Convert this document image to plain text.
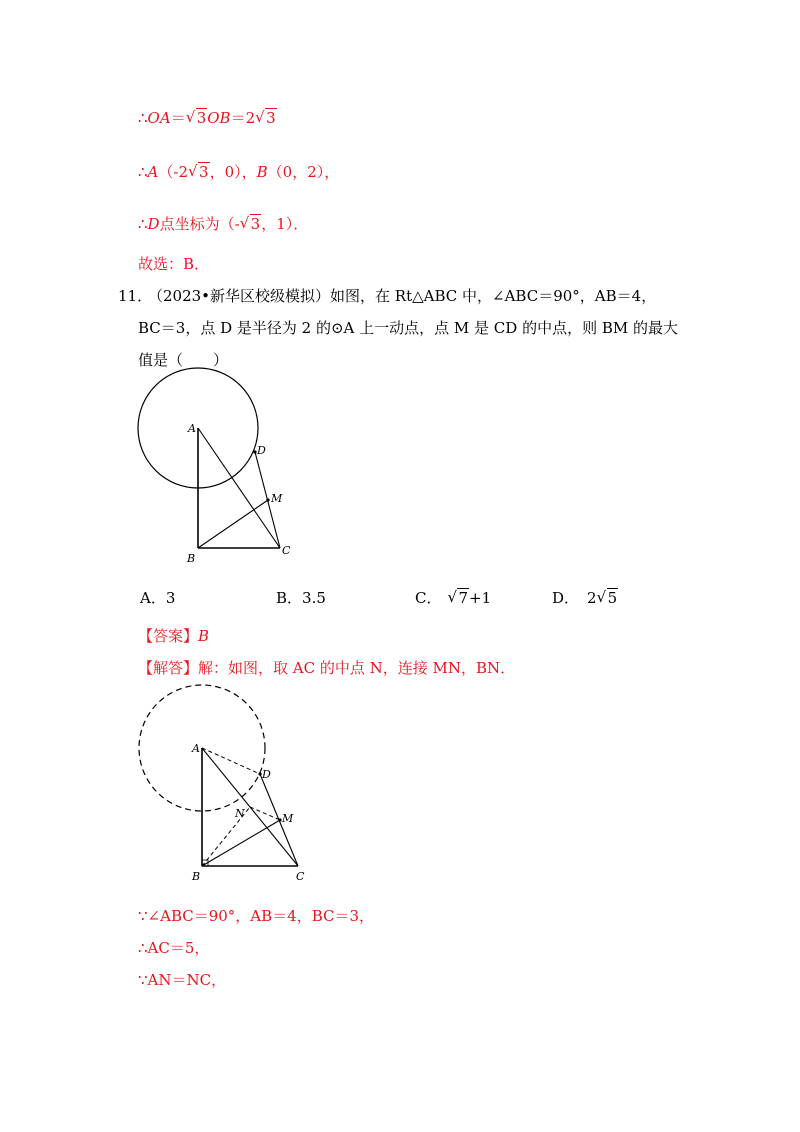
∴OA＝ √ 3OB＝2 √ 3
∴A（-2 √ 3，0），B（0，2），
∴D点坐标为（- √ 3，1）．
故选：B．
11．
（2023•新华区校级模拟）如图，在 Rt△ABC 中，∠ABC＝90°，AB＝4，
BC＝3，点 D 是半径为 2 的⊙A 上一动点，点 M 是 CD 的中点，则 BM 的最大
值是（　　）
A
D
M
B
C
A．3	B．3.5	C． √ 7+1	D． 2 √ 5
【答案】B
【解答】解：如图，取 AC 的中点 N，连接 MN，BN．
A
D
N	M
B	C
∵∠ABC＝90°，AB＝4，BC＝3，
∴AC＝5，
∵AN＝NC，
